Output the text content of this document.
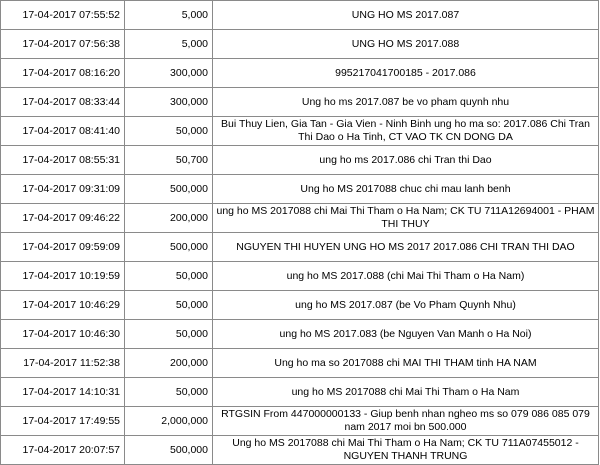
17-04-2017 07:55:52	5,000	UNG HO MS 2017.087
17-04-2017 07:56:38	5,000	UNG HO MS 2017.088
17-04-2017 08:16:20	300,000	995217041700185 - 2017.086
17-04-2017 08:33:44	300,000	Ung ho ms 2017.087 be vo pham quynh nhu
17-04-2017 08:41:40	50,000	Bui Thuy Lien, Gia Tan - Gia Vien - Ninh Binh ung ho ma so: 2017.086 Chi Tran Thi Dao o Ha Tinh, CT VAO TK CN DONG DA
17-04-2017 08:55:31	50,700	ung ho ms 2017.086 chi Tran thi Dao
17-04-2017 09:31:09	500,000	Ung ho MS 2017088 chuc chi mau lanh benh
17-04-2017 09:46:22	200,000	ung ho MS 2017088 chi Mai Thi Tham o Ha Nam; CK TU 711A12694001 - PHAM THI THUY
17-04-2017 09:59:09	500,000	NGUYEN THI HUYEN UNG HO MS 2017 2017.086 CHI TRAN THI DAO
17-04-2017 10:19:59	50,000	ung ho MS 2017.088 (chi Mai Thi Tham o Ha Nam)
17-04-2017 10:46:29	50,000	ung ho MS 2017.087 (be Vo Pham Quynh Nhu)
17-04-2017 10:46:30	50,000	ung ho MS 2017.083 (be Nguyen Van Manh o Ha Noi)
17-04-2017 11:52:38	200,000	Ung ho ma so 2017088 chi MAI THI THAM tinh HA NAM
17-04-2017 14:10:31	50,000	ung ho MS 2017088 chi Mai Thi Tham o Ha Nam
17-04-2017 17:49:55	2,000,000	RTGSIN From 447000000133 - Giup benh nhan ngheo ms so 079 086 085 079 nam 2017 moi bn 500.000
17-04-2017 20:07:57	500,000	Ung ho MS 2017088 chi Mai Thi Tham o Ha Nam; CK TU 711A07455012 - NGUYEN THANH TRUNG
